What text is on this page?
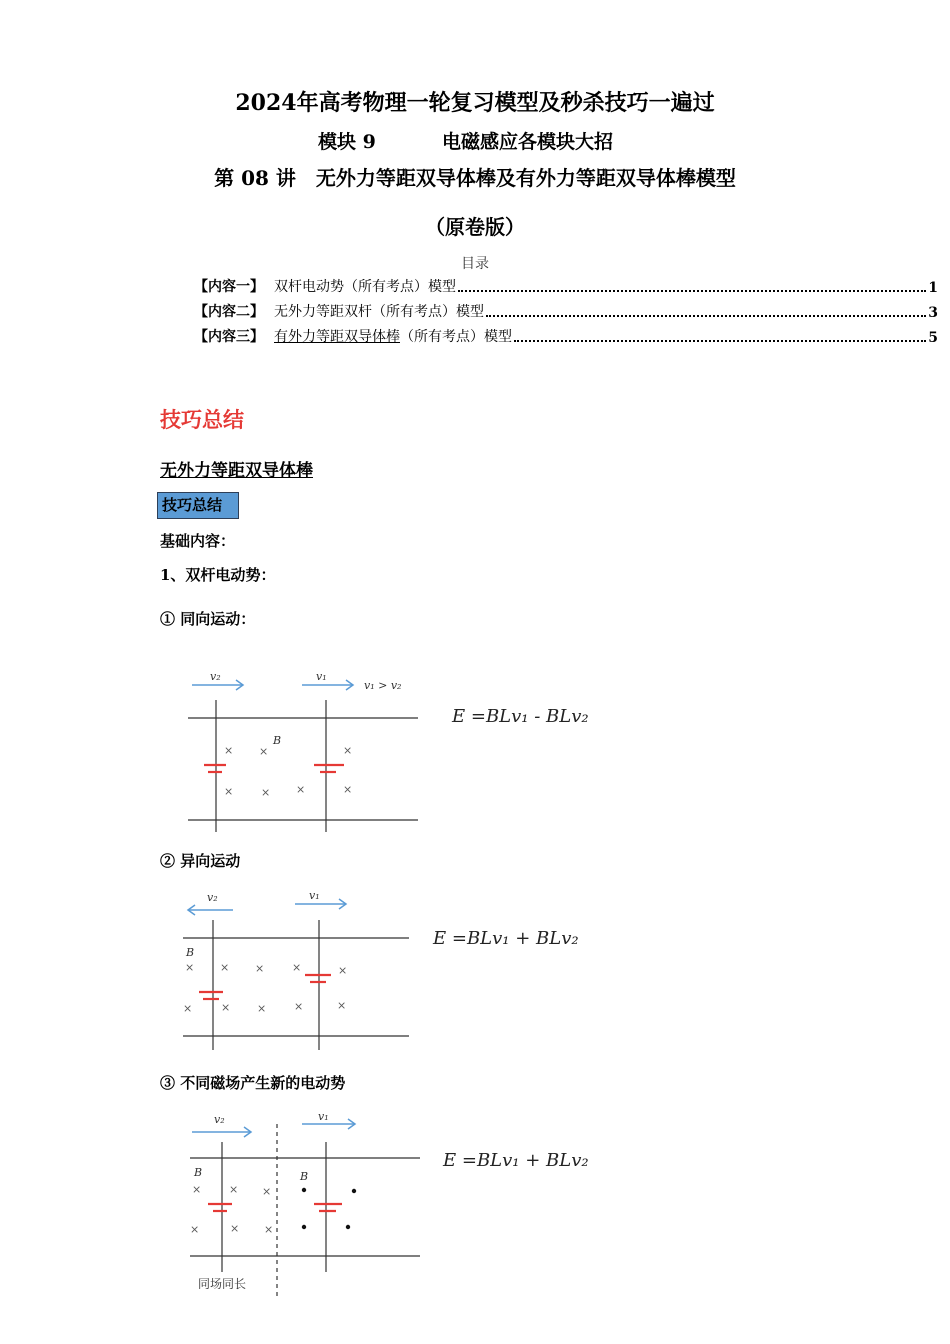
2024年高考物理一轮复习模型及秒杀技巧一遍过
模块 9	电磁感应各模块大招
第 08 讲　无外力等距双导体棒及有外力等距双导体棒模型
（原卷版）
目录
【内容一】 双杆电动势（所有考点）模型	1
【内容二】 无外力等距双杆（所有考点）模型	3
【内容三】 有外力等距双导体棒（所有考点）模型	5
技巧总结
无外力等距双导体棒
技巧总结
基础内容：
1、双杆电动势：
① 同向运动：
v₂	v₁
v₁ > v₂
B
× ×	×
×	× ×	×
E =BLv₁ - BLv₂
② 异向运动
v₂	v₁
B
× × ×	×	×
×	× ×	×	×
E =BLv₁ + BLv₂
③ 不同磁场产生新的电动势
v₂	v₁
B	B
×	× ×
×	× ×
同场同长
E =BLv₁ + BLv₂
